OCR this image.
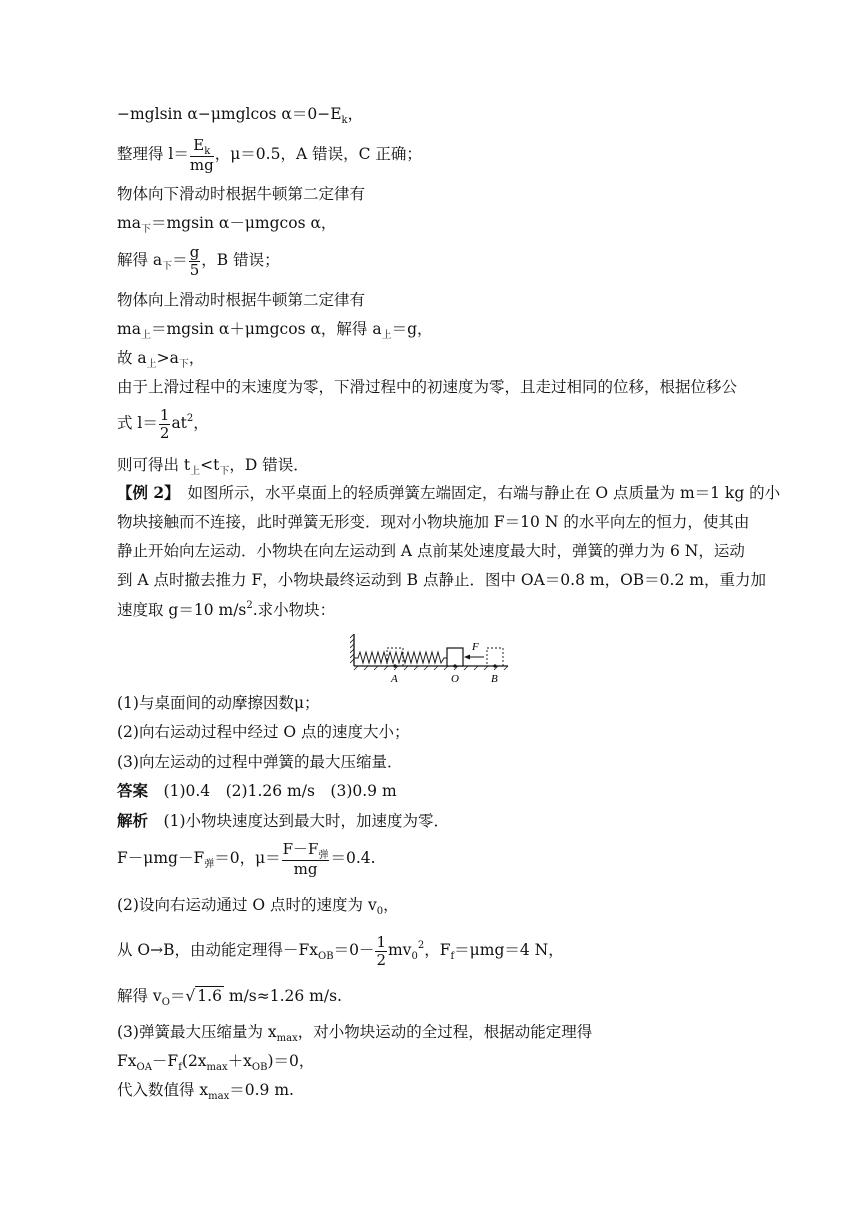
−mglsin α−μmglcos $\alpha=0-E_k$，
整理得 $l= \frac{E_k}{mg}$ ，μ＝0.5，A 错误，C 正确；
物体向下滑动时根据牛顿第二定律有
$ma_下=mgsin$ α－μmgcos α，
解得 $a_下= \frac{g}{5}$ ，B 错误；
物体向上滑动时根据牛顿第二定律有
$ma_上=mgsin$ α＋μmgcos α，解得 $a_上=g$，
故 $a_上>a_下$，
由于上滑过程中的末速度为零，下滑过程中的初速度为零，且走过相同的位移，根据位移公
式 $l= \frac{1}{2} at^2$，
则可得出 $t_上<t_下$，D 错误．
【例 2】　 如图所示，水平桌面上的轻质弹簧左端固定，右端与静止在 O 点质量为 m＝1 kg 的小
物块接触而不连接，此时弹簧无形变．现对小物块施加 F＝10 N 的水平向左的恒力，使其由
静止开始向左运动．小物块在向左运动到 A 点前某处速度最大时，弹簧的弹力为 6 N，运动
到 A 点时撤去推力 F，小物块最终运动到 B 点静止．图中 OA＝0.8 m，OB＝0.2 m，重力加
速度取 g＝10 $m/s^2$.求小物块：
F
A	O	B
(1)与桌面间的动摩擦因数μ；
(2)向右运动过程中经过 O 点的速度大小；
(3)向左运动的过程中弹簧的最大压缩量．
答案　 (1)0.4　(2)1.26 m/s　(3)0.9 m
解析　 (1)小物块速度达到最大时，加速度为零．
$F-\mu mg-F_弹=0$，$\mu= \frac{F-F_弹}{mg} =0.4$.
(2)设向右运动通过 O 点时的速度为 $v_0$，
从 O→B，由动能定理得$-Fx_{OB}=0- \frac{1}{2} mv_0^2$，$F_f=\mu mg=4$ N，
解得 $v_O=√$ 1.6 m/s≈1.26 m/s.
(3)弹簧最大压缩量为 $x_{max}$，对小物块运动的全过程，根据动能定理得
$Fx_{OA}-F_f(2x_{max}+x_{OB})=0$，
代入数值得 $x_{max}=0.9$ m.
